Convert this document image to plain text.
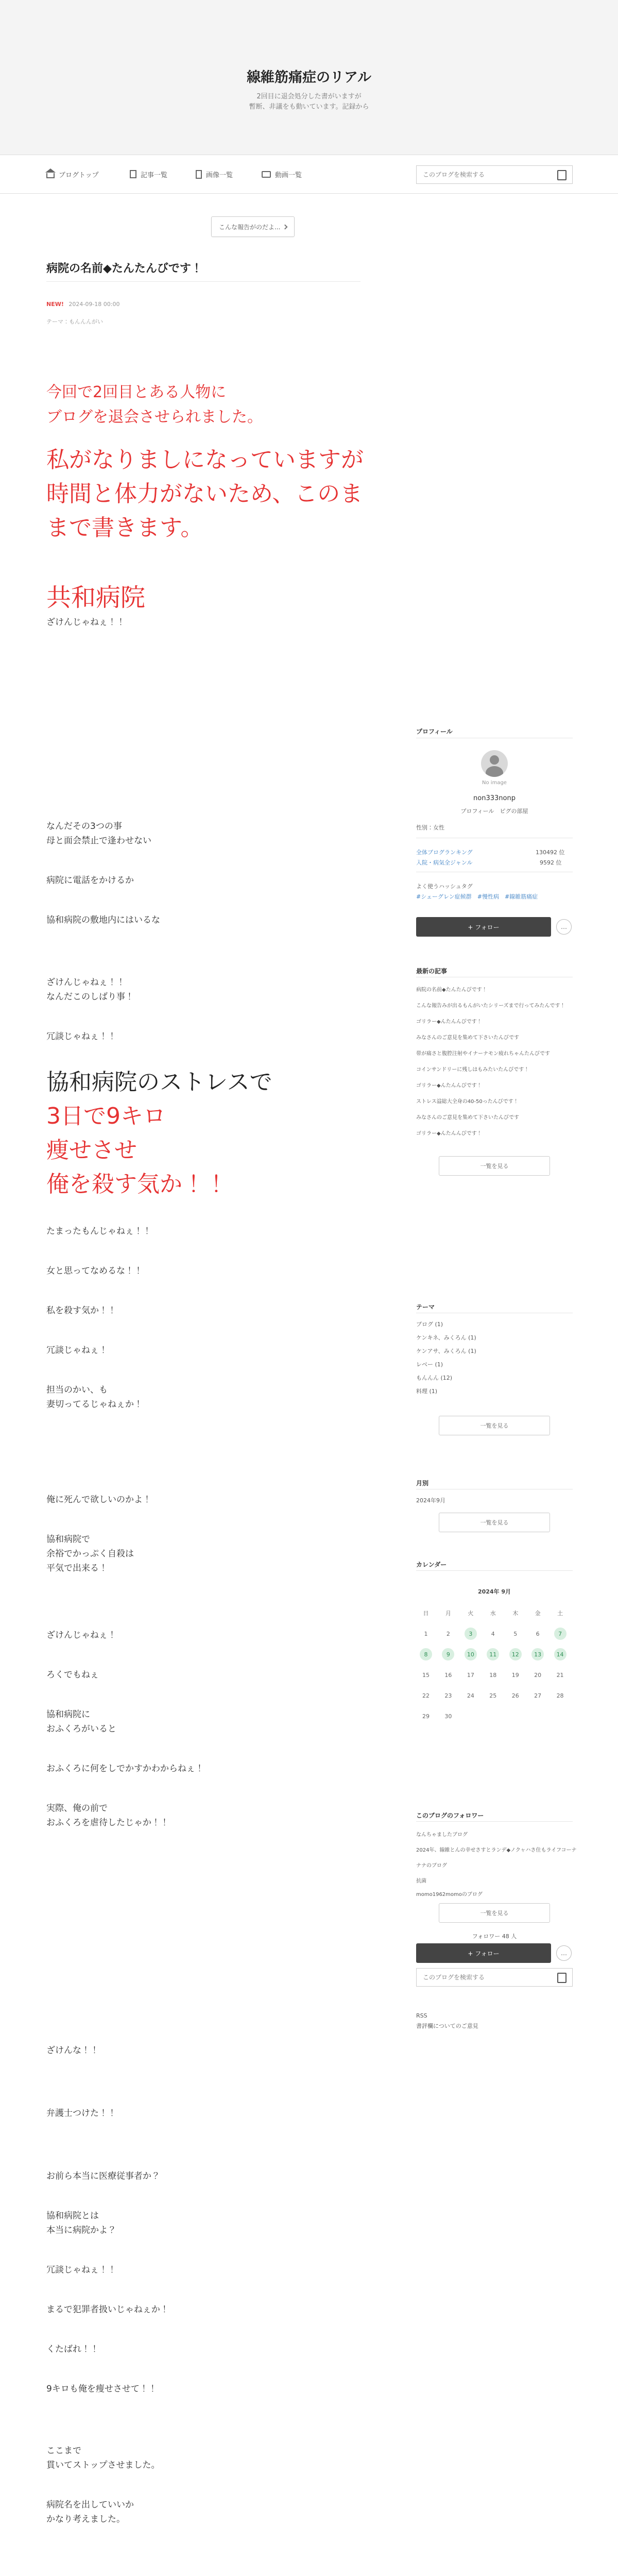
線維筋痛症のリアル
2回目に退会処分した書がいますが
暫断、非議をも動いています。記録から
ブログトップ	記事一覧	画像一覧	動画一覧
このブログを検索する
こんな報告がのだよ...
病院の名前◆たんたんびです！
NEW! 2024-09-18 00:00
テーマ：もんんんがい
今回で2回目とある人物に
ブログを退会させられました。
私がなりましになっていますが
時間と体力がないため、このま
まで書きます。
共和病院
ざけんじゃねぇ！！
なんだその3つの事
母と面会禁止で逢わせない
病院に電話をかけるか
協和病院の敷地内にはいるな
ざけんじゃねぇ！！
なんだこのしばり事！
冗談じゃねぇ！！
協和病院のストレスで
3日で9キロ
痩せさせ
俺を殺す気か！！
たまったもんじゃねぇ！！
女と思ってなめるな！！
私を殺す気か！！
冗談じゃねぇ！
担当のかい、も
妻切ってるじゃねぇか！
俺に死んで欲しいのかよ！
協和病院で
余裕でかっぷく自殺は
平気で出来る！
ざけんじゃねぇ！
ろくでもねぇ
協和病院に
おふくろがいると
おふくろに何をしでかすかわからねぇ！
実際、俺の前で
おふくろを虐待したじゃか！！
ざけんな！！
弁護士つけた！！
お前ら本当に医療従事者か？
協和病院とは
本当に病院かよ？
冗談じゃねぇ！！
まるで犯罪者扱いじゃねぇか！
くたばれ！！
9キロも俺を痩せさせて！！
ここまで
貫いてストップさせました。
病院名を出していいか
かなり考えました。
プロフィール
No image
non333nonp
プロフィール　ピグの部屋
性別：女性
全体ブログランキング	130492 位
入院・病気全ジャンル	9592 位
よく使うハッシュタグ
#シェーグレン症候群　#慢性病　#線維筋痛症
+ フォロー	…
最新の記事
病院の名前◆たんたんびです！
こんな報告みが出るもんがいたシリーズまで行ってみたんです！
ゴリラー◆んたんんびです！
みなさんのご意見を集めて下さいたんびです
帯が痛さと腹腔注射やイナーナモン疲れちゃんたんびです
コインサンドリーに残しはもみたいたんびです！
ゴリラー◆んたんんびです！
ストレス溢総大全身の40-50ったんびです！
みなさんのご意見を集めて下さいたんびです
ゴリラー◆んたんんびです！
一覧を見る
テーマ
ブログ (1)
ケンキネ、みくろん (1)
ケンアサ、みくろん (1)
レベー (1)
もんんん (12)
料理 (1)
一覧を見る
月別
2024年9月
一覧を見る
カレンダー
2024年 9月
日	月	火	水	木	金	土
1	2	3	4	5	6	7
8	9	10	11	12	13	14
15	16	17	18	19	20	21
22	23	24	25	26	27	28
29	30
このブログのフォロワー
なんちゃましたブログ
2024年、線維とんの幸せさすとランデ◆ノクャハさ住もライフコーナ
ナナのブログ
抗菌
momo1962momoのブログ
一覧を見る
フォロワー 48 人
+ フォロー	…
このブログを検索する
RSS
書評欄についてのご意見
